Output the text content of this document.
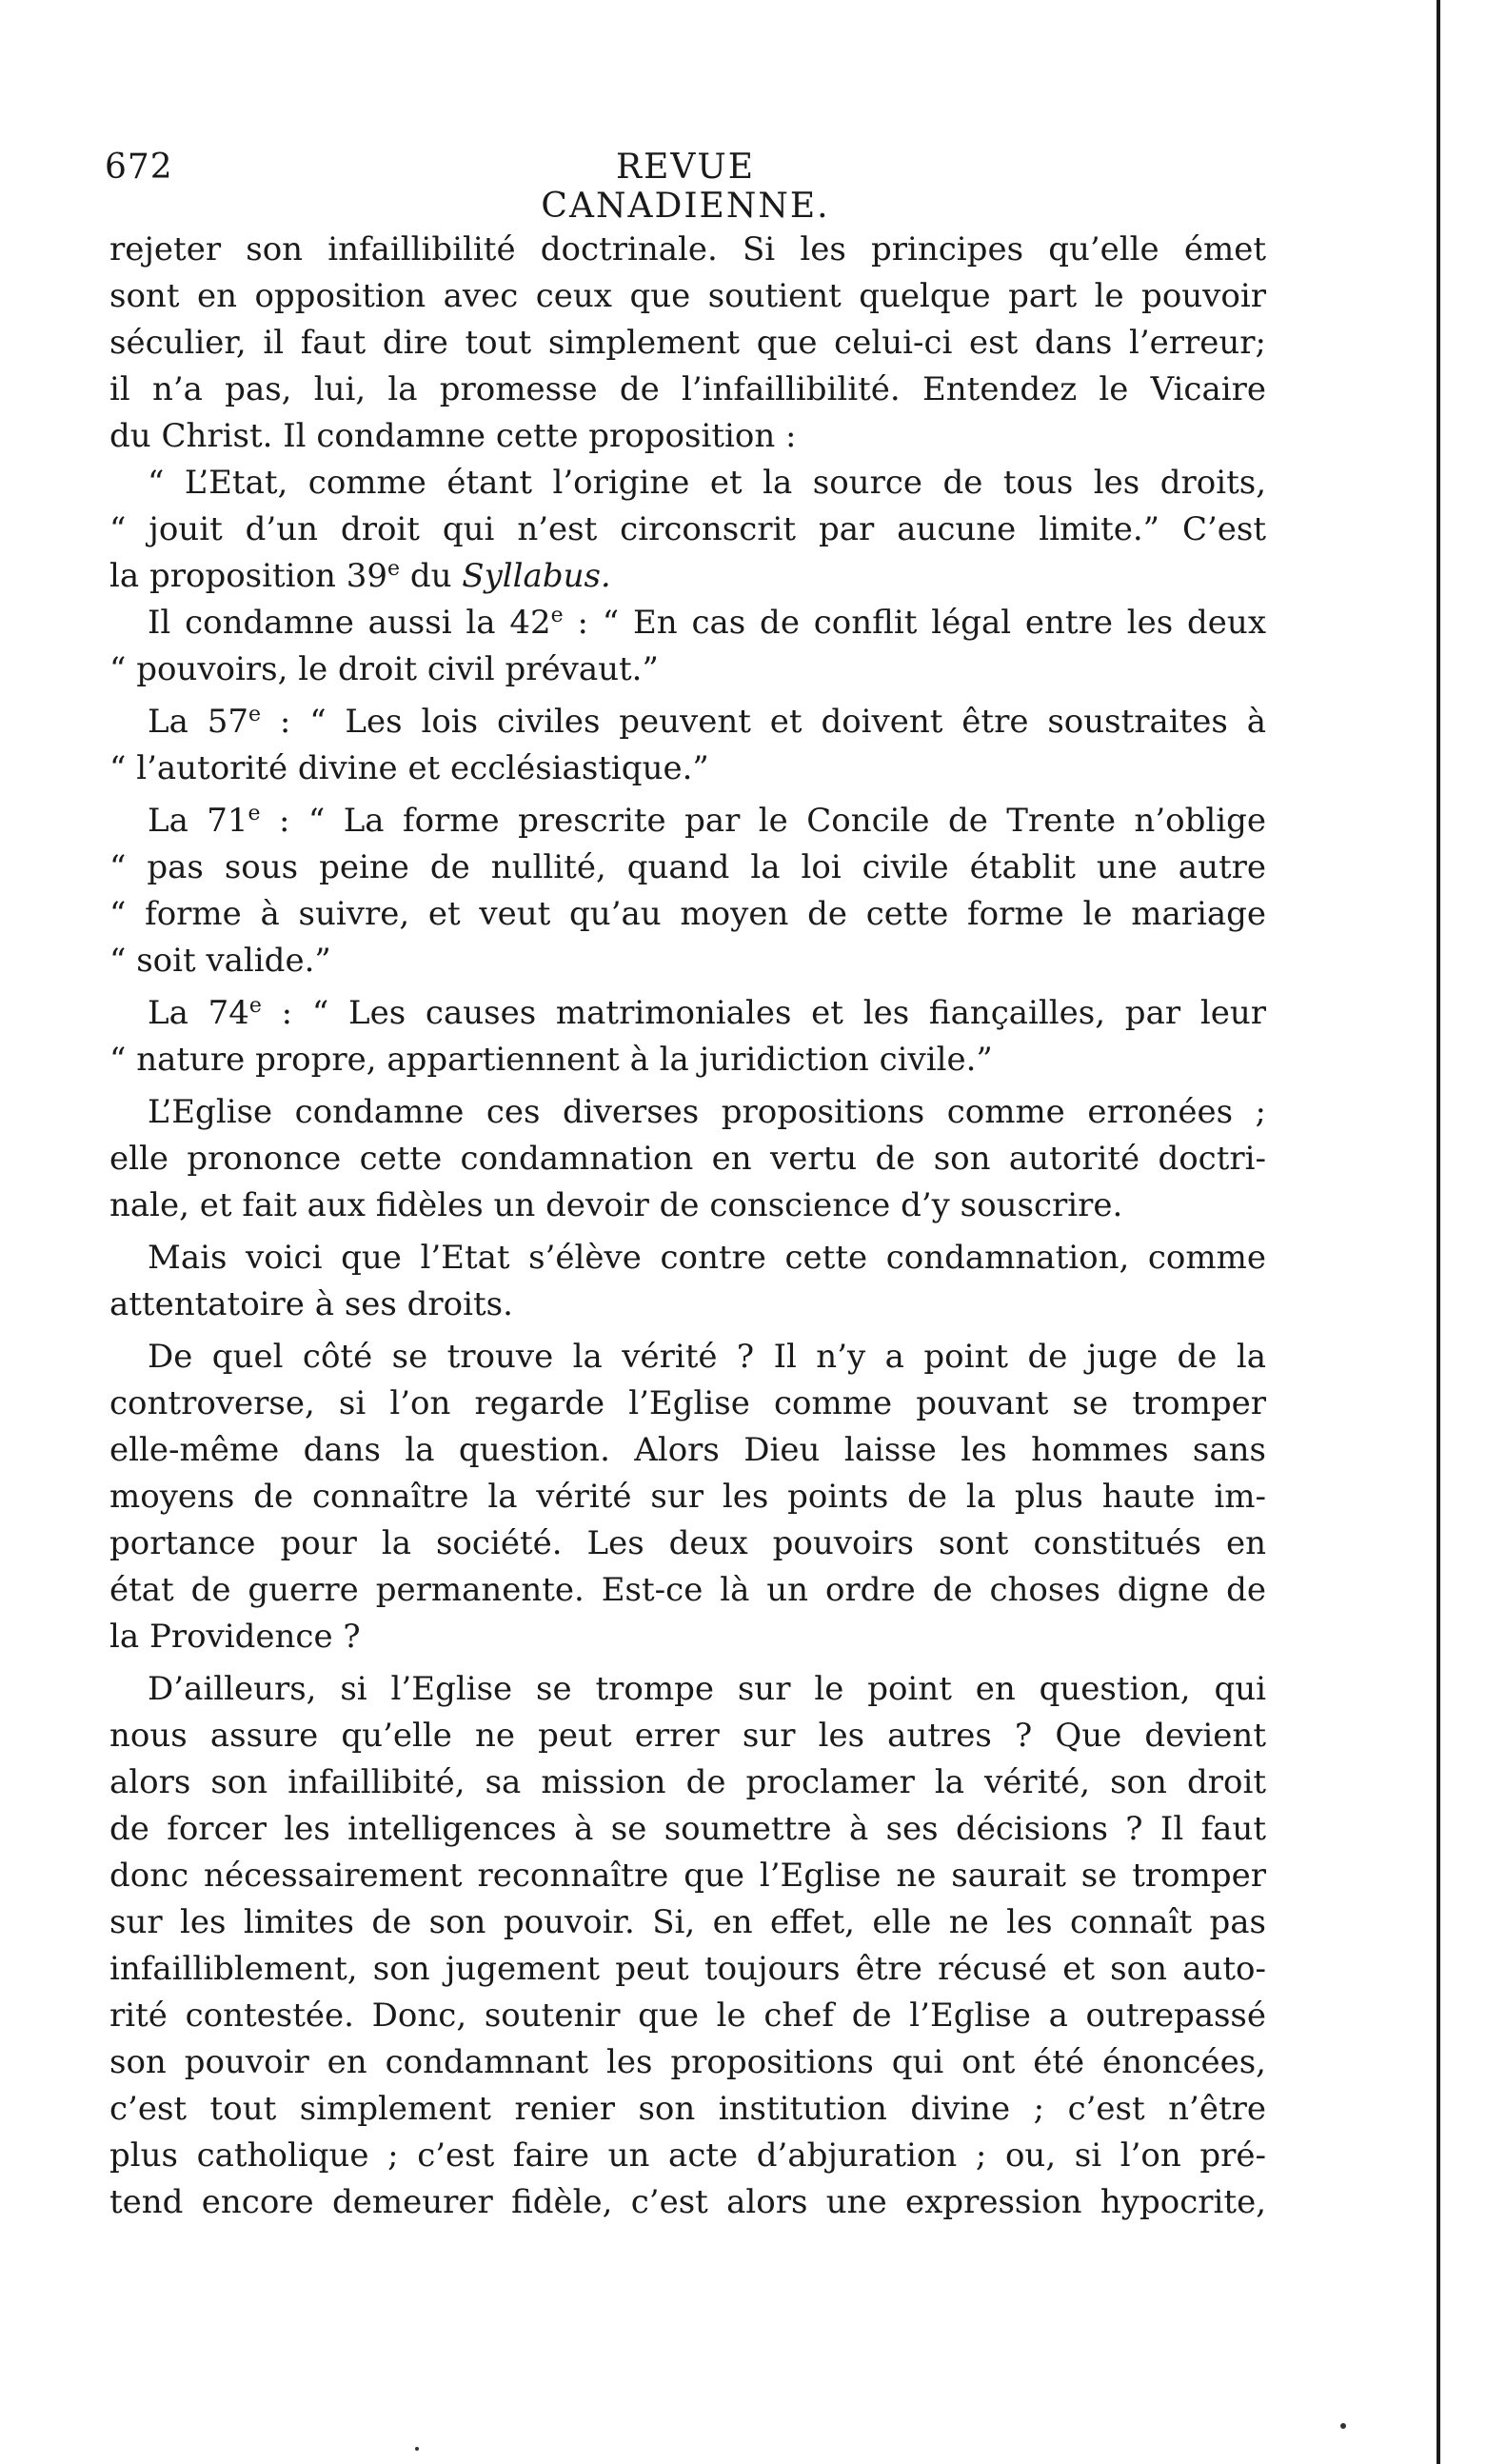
672	REVUE CANADIENNE.
rejeter son infaillibilité doctrinale. Si les principes qu’elle émet
sont en opposition avec ceux que soutient quelque part le pouvoir
séculier, il faut dire tout simplement que celui-ci est dans l’erreur;
il n’a pas, lui, la promesse de l’infaillibilité. Entendez le Vicaire
du Christ. Il condamne cette proposition :
“ L’Etat, comme étant l’origine et la source de tous les droits,
“ jouit d’un droit qui n’est circonscrit par aucune limite.” C’est
la proposition 39e du Syllabus.
Il condamne aussi la 42e : “ En cas de conflit légal entre les deux
“ pouvoirs, le droit civil prévaut.”
La 57e : “ Les lois civiles peuvent et doivent être soustraites à
“ l’autorité divine et ecclésiastique.”
La 71e : “ La forme prescrite par le Concile de Trente n’oblige
“ pas sous peine de nullité, quand la loi civile établit une autre
“ forme à suivre, et veut qu’au moyen de cette forme le mariage
“ soit valide.”
La 74e : “ Les causes matrimoniales et les fiançailles, par leur
“ nature propre, appartiennent à la juridiction civile.”
L’Eglise condamne ces diverses propositions comme erronées ;
elle prononce cette condamnation en vertu de son autorité doctri-
nale, et fait aux fidèles un devoir de conscience d’y souscrire.
Mais voici que l’Etat s’élève contre cette condamnation, comme
attentatoire à ses droits.
De quel côté se trouve la vérité ? Il n’y a point de juge de la
controverse, si l’on regarde l’Eglise comme pouvant se tromper
elle-même dans la question. Alors Dieu laisse les hommes sans
moyens de connaître la vérité sur les points de la plus haute im-
portance pour la société. Les deux pouvoirs sont constitués en
état de guerre permanente. Est-ce là un ordre de choses digne de
la Providence ?
D’ailleurs, si l’Eglise se trompe sur le point en question, qui
nous assure qu’elle ne peut errer sur les autres ? Que devient
alors son infaillibité, sa mission de proclamer la vérité, son droit
de forcer les intelligences à se soumettre à ses décisions ? Il faut
donc nécessairement reconnaître que l’Eglise ne saurait se tromper
sur les limites de son pouvoir. Si, en effet, elle ne les connaît pas
infailliblement, son jugement peut toujours être récusé et son auto-
rité contestée. Donc, soutenir que le chef de l’Eglise a outrepassé
son pouvoir en condamnant les propositions qui ont été énoncées,
c’est tout simplement renier son institution divine ; c’est n’être
plus catholique ; c’est faire un acte d’abjuration ; ou, si l’on pré-
tend encore demeurer fidèle, c’est alors une expression hypocrite,
